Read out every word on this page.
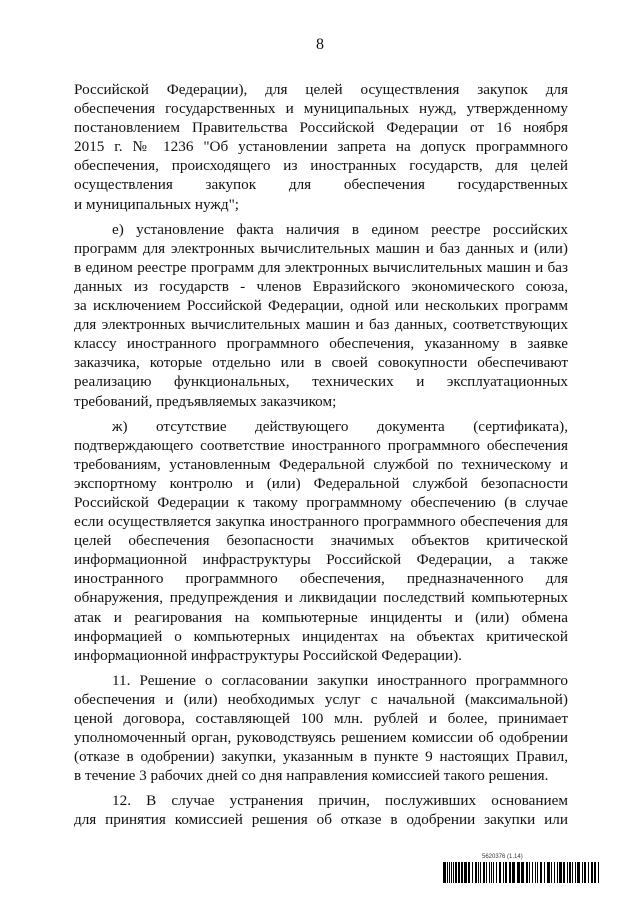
8
Российской Федерации), для целей осуществления закупок для
обеспечения государственных и муниципальных нужд, утвержденному
постановлением Правительства Российской Федерации от 16 ноября
2015 г. № 1236 "Об установлении запрета на допуск программного
обеспечения, происходящего из иностранных государств, для целей
осуществления закупок для обеспечения государственных
и муниципальных нужд";
е) установление факта наличия в едином реестре российских
программ для электронных вычислительных машин и баз данных и (или)
в едином реестре программ для электронных вычислительных машин и баз
данных из государств - членов Евразийского экономического союза,
за исключением Российской Федерации, одной или нескольких программ
для электронных вычислительных машин и баз данных, соответствующих
классу иностранного программного обеспечения, указанному в заявке
заказчика, которые отдельно или в своей совокупности обеспечивают
реализацию функциональных, технических и эксплуатационных
требований, предъявляемых заказчиком;
ж) отсутствие действующего документа (сертификата),
подтверждающего соответствие иностранного программного обеспечения
требованиям, установленным Федеральной службой по техническому и
экспортному контролю и (или) Федеральной службой безопасности
Российской Федерации к такому программному обеспечению (в случае
если осуществляется закупка иностранного программного обеспечения для
целей обеспечения безопасности значимых объектов критической
информационной инфраструктуры Российской Федерации, а также
иностранного программного обеспечения, предназначенного для
обнаружения, предупреждения и ликвидации последствий компьютерных
атак и реагирования на компьютерные инциденты и (или) обмена
информацией о компьютерных инцидентах на объектах критической
информационной инфраструктуры Российской Федерации).
11. Решение о согласовании закупки иностранного программного
обеспечения и (или) необходимых услуг с начальной (максимальной)
ценой договора, составляющей 100 млн. рублей и более, принимает
уполномоченный орган, руководствуясь решением комиссии об одобрении
(отказе в одобрении) закупки, указанным в пункте 9 настоящих Правил,
в течение 3 рабочих дней со дня направления комиссией такого решения.
12. В случае устранения причин, послуживших основанием
для принятия комиссией решения об отказе в одобрении закупки или
5620376 (1.14)
